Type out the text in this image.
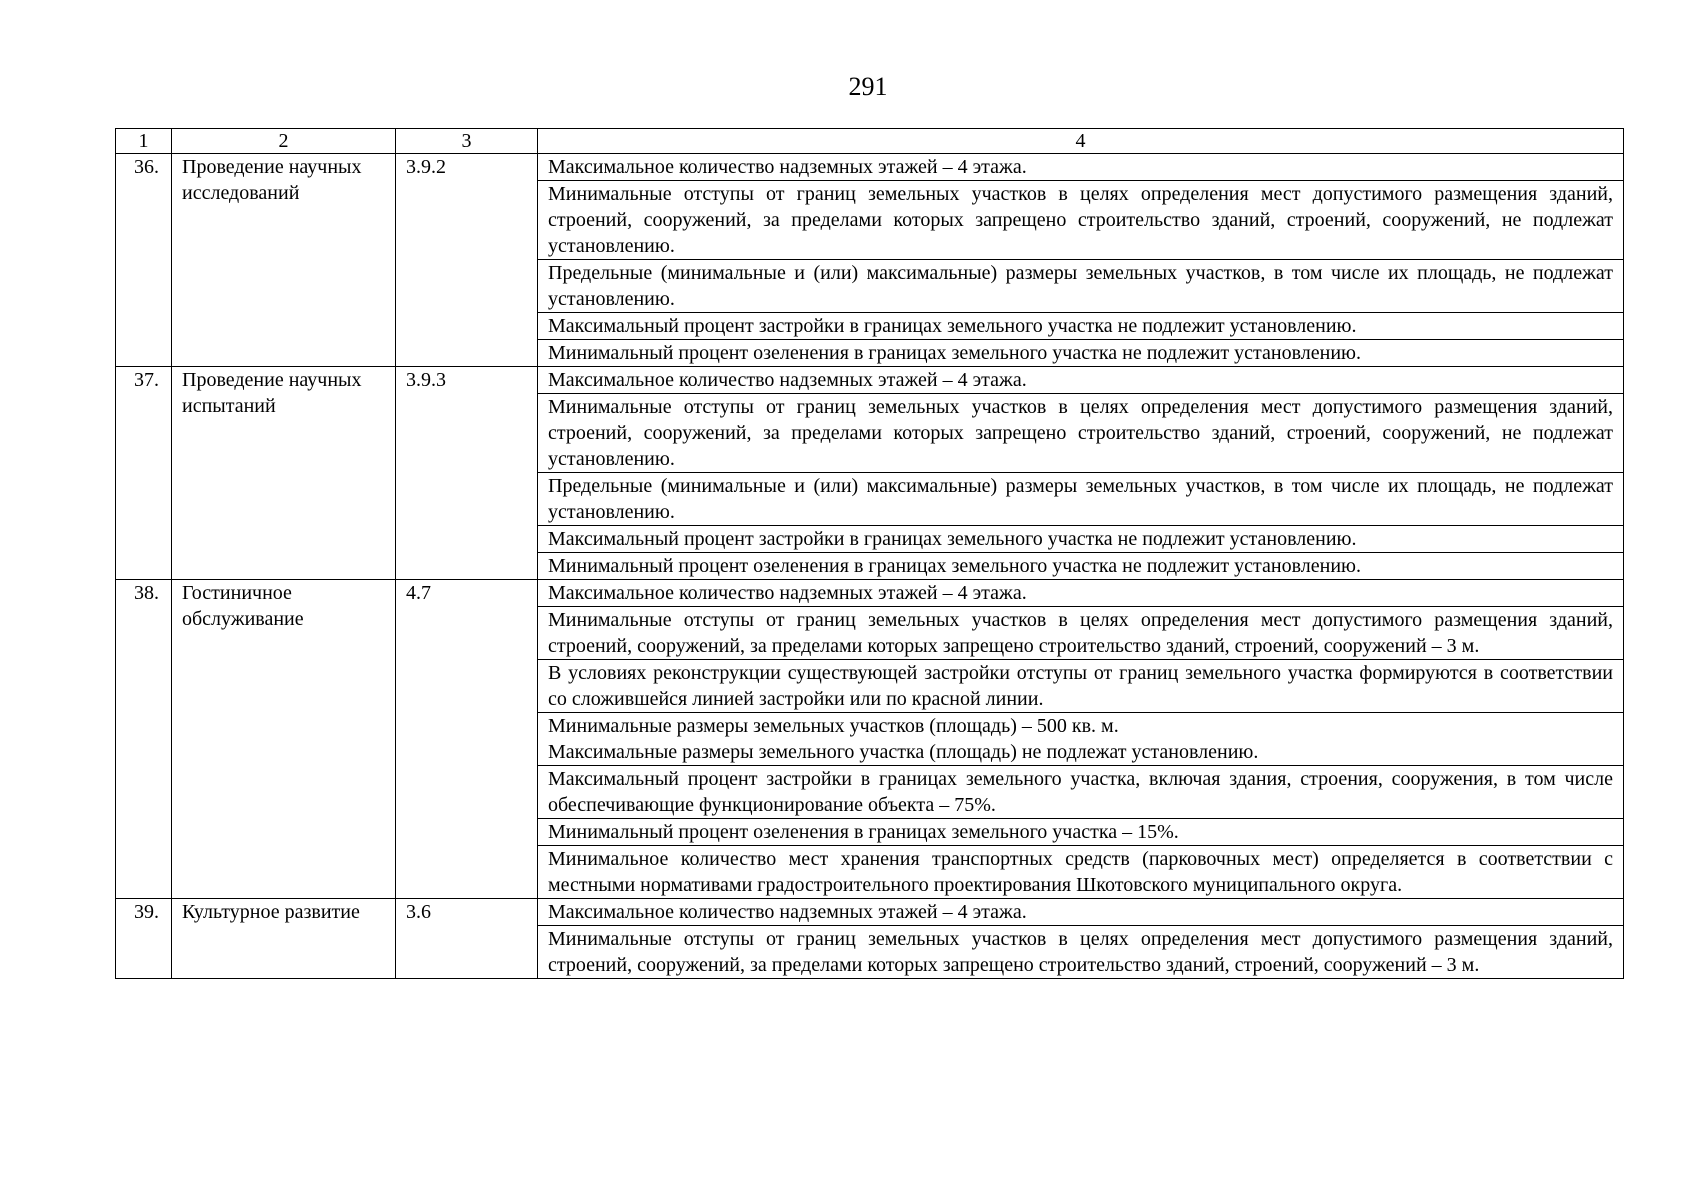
291
1	2	3	4
36.	Проведение научных исследований	3.9.2	Максимальное количество надземных этажей – 4 этажа.
			Минимальные отступы от границ земельных участков в целях определения мест допустимого размещения зданий, строений, сооружений, за пределами которых запрещено строительство зданий, строений, сооружений, не подлежат установлению.
			Предельные (минимальные и (или) максимальные) размеры земельных участков, в том числе их площадь, не подлежат установлению.
			Максимальный процент застройки в границах земельного участка не подлежит установлению.
			Минимальный процент озеленения в границах земельного участка не подлежит установлению.
37.	Проведение научных испытаний	3.9.3	Максимальное количество надземных этажей – 4 этажа.
			Минимальные отступы от границ земельных участков в целях определения мест допустимого размещения зданий, строений, сооружений, за пределами которых запрещено строительство зданий, строений, сооружений, не подлежат установлению.
			Предельные (минимальные и (или) максимальные) размеры земельных участков, в том числе их площадь, не подлежат установлению.
			Максимальный процент застройки в границах земельного участка не подлежит установлению.
			Минимальный процент озеленения в границах земельного участка не подлежит установлению.
38.	Гостиничное обслуживание	4.7	Максимальное количество надземных этажей – 4 этажа.
			Минимальные отступы от границ земельных участков в целях определения мест допустимого размещения зданий, строений, сооружений, за пределами которых запрещено строительство зданий, строений, сооружений – 3 м.
			В условиях реконструкции существующей застройки отступы от границ земельного участка формируются в соответствии со сложившейся линией застройки или по красной линии.
			Минимальные размеры земельных участков (площадь) – 500 кв. м.
Максимальные размеры земельного участка (площадь) не подлежат установлению.
			Максимальный процент застройки в границах земельного участка, включая здания, строения, сооружения, в том числе обеспечивающие функционирование объекта – 75%.
			Минимальный процент озеленения в границах земельного участка – 15%.
			Минимальное количество мест хранения транспортных средств (парковочных мест) определяется в соответствии с местными нормативами градостроительного проектирования Шкотовского муниципального округа.
39.	Культурное развитие	3.6	Максимальное количество надземных этажей – 4 этажа.
			Минимальные отступы от границ земельных участков в целях определения мест допустимого размещения зданий, строений, сооружений, за пределами которых запрещено строительство зданий, строений, сооружений – 3 м.
